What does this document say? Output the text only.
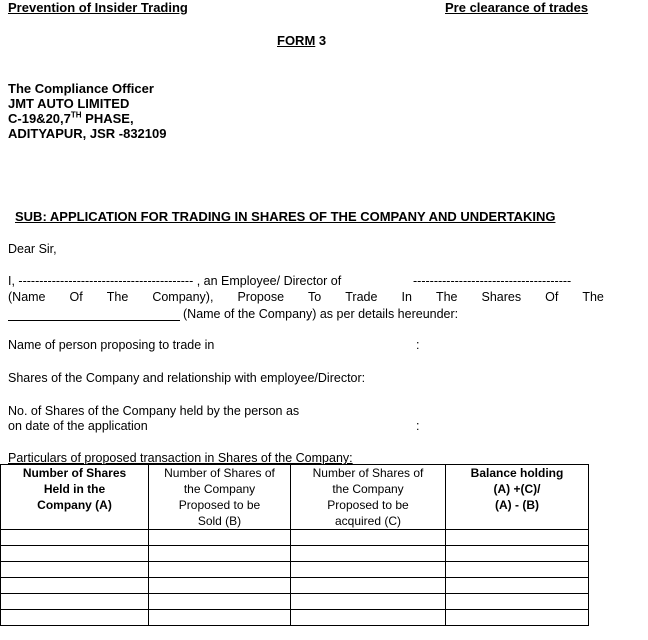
Prevention of Insider Trading	Pre clearance of trades
FORM 3
The Compliance Officer
JMT AUTO LIMITED
C-19&20,7TH PHASE,
ADITYAPUR, JSR -832109
SUB: APPLICATION FOR TRADING IN SHARES OF THE COMPANY AND UNDERTAKING
Dear Sir,
I, ------------------------------------------ , an Employee/ Director of	--------------------------------------
(Name Of The Company), Propose To Trade In The Shares Of The
(Name of the Company) as per details hereunder:
Name of person proposing to trade in	:
Shares of the Company and relationship with employee/Director:
No. of Shares of the Company held by the person as
on date of the application	:
Particulars of proposed transaction in Shares of the Company:
Number of Shares
Held in the
Company (A)	Number of Shares of
the Company
Proposed to be
Sold (B)	Number of Shares of
the Company
Proposed to be
acquired (C)	Balance holding
(A) +(C)/
(A) - (B)
